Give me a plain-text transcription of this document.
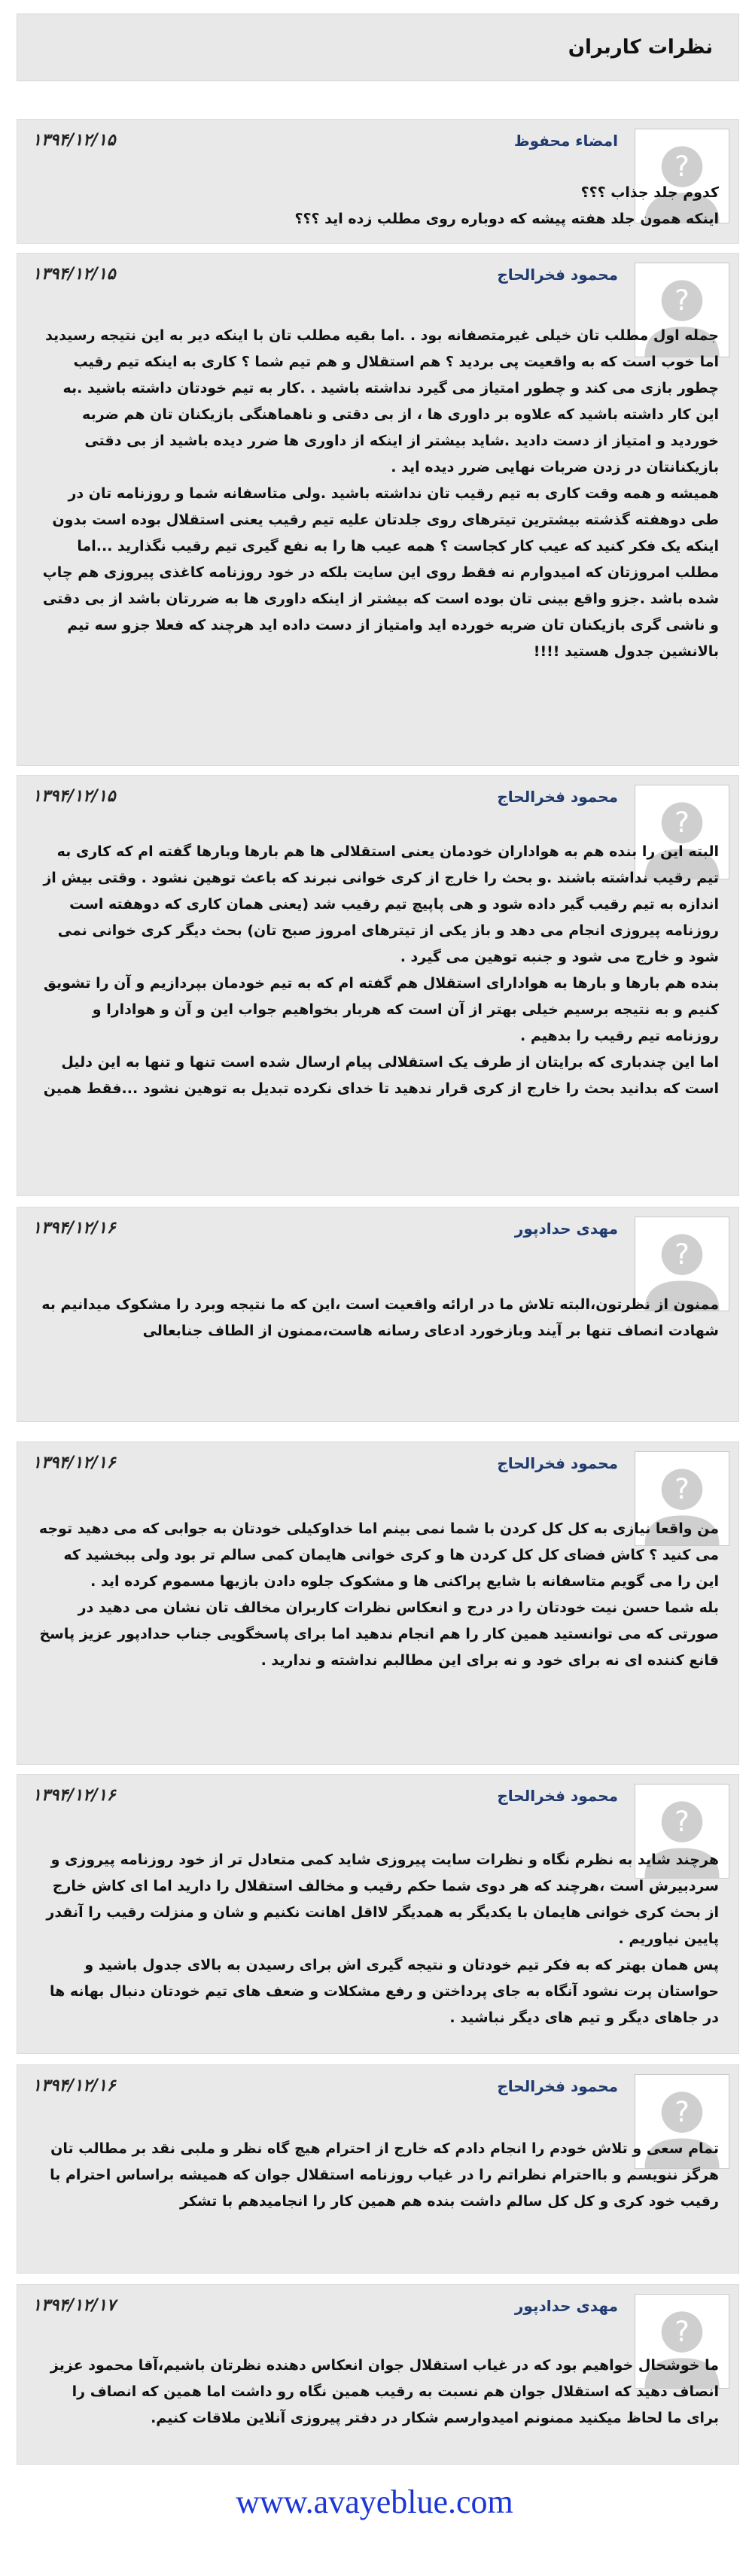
نظرات کاربران
?
امضاء محفوظ
۱۳۹۴/۱۲/۱۵
کدوم جلد جذاب ؟؟؟
اینکه همون جلد هفته پیشه که دوباره روی مطلب زده اید ؟؟؟
?
محمود فخرالحاج
۱۳۹۴/۱۲/۱۵
جمله اول مطلب تان خیلی غیرمتصفانه بود . .اما بقیه مطلب تان با اینکه دیر به این نتیجه رسیدید اما خوب است که به واقعیت پی بردید ؟ هم استقلال و هم تیم شما ؟ کاری به اینکه تیم رقیب چطور بازی می کند و چطور امتیاز می گیرد نداشته باشید . .کار به تیم خودتان داشته باشید .به این کار داشته باشید که علاوه بر داوری ها ، از بی دقتی و ناهماهنگی بازیکنان تان هم ضربه خوردید و امتیاز از دست دادید .شاید بیشتر از اینکه از داوری ها ضرر دیده باشید از بی دقتی بازیکنانتان در زدن ضربات نهایی ضرر دیده اید .
همیشه و همه وقت کاری به تیم رقیب تان نداشته باشید .ولی متاسفانه شما و روزنامه تان در طی دوهفته گذشته بیشترین تیترهای روی جلدتان علیه تیم رقیب یعنی استقلال بوده است بدون اینکه یک فکر کنید که عیب کار کجاست ؟ همه عیب ها را به نفع گیری تیم رقیب نگذارید ...اما مطلب امروزتان که امیدوارم نه فقط روی این سایت بلکه در خود روزنامه کاغذی پیروزی هم چاپ شده باشد .جزو واقع بینی تان بوده است که بیشتر از اینکه داوری ها به ضررتان باشد از بی دقتی و ناشی گری بازیکنان تان ضربه خورده اید وامتیاز از دست داده اید هرچند که فعلا جزو سه تیم بالانشین جدول هستید !!!!
?
محمود فخرالحاج
۱۳۹۴/۱۲/۱۵
البته این را بنده هم به هواداران خودمان یعنی استقلالی ها هم بارها وبارها گفته ام که کاری به تیم رقیب نداشته باشند .و بحث را خارج از کری خوانی نبرند که باعث توهین نشود . وقتی بیش از اندازه به تیم رقیب گیر داده شود و هی پاپیچ تیم رقیب شد (یعنی همان کاری که دوهفته است روزنامه پیروزی انجام می دهد و باز یکی از تیترهای امروز صبح تان) بحث دیگر کری خوانی نمی شود و خارج می شود و جنبه توهین می گیرد .
بنده هم بارها و بارها به هوادارای استقلال هم گفته ام که به تیم خودمان بپردازیم و آن را تشویق کنیم و به نتیجه برسیم خیلی بهتر از آن است که هربار بخواهیم جواب این و آن و هوادارا و روزنامه تیم رقیب را بدهیم .
اما این چندباری که برایتان از طرف یک استقلالی پیام ارسال شده است تنها و تنها به این دلیل است که بدانید بحث را خارج از کری قرار ندهید تا خدای نکرده تبدیل به توهین نشود ...فقط همین
?
مهدی حدادپور
۱۳۹۴/۱۲/۱۶
ممنون از نظرتون،البته تلاش ما در ارائه واقعیت است ،این که ما نتیجه وبرد را مشکوک میدانیم به شهادت انصاف تنها بر آیند وبازخورد ادعای رسانه هاست،ممنون از الطاف جنابعالی
?
محمود فخرالحاج
۱۳۹۴/۱۲/۱۶
من واقعا نیازی به کل کل کردن با شما نمی بینم اما خداوکیلی خودتان به جوابی که می دهید توجه می کنید ؟ کاش فضای کل کل کردن ها و کری خوانی هایمان کمی سالم تر بود ولی ببخشید که این را می گویم متاسفانه با شایع پراکنی ها و مشکوک جلوه دادن بازیها مسموم کرده اید .
بله شما حسن نیت خودتان را در درج و انعکاس نظرات کاربران مخالف تان نشان می دهید در صورتی که می توانستید همین کار را هم انجام ندهید اما برای پاسخگویی جناب حدادپور عزیز پاسخ قانع کننده ای نه برای خود و نه برای این مطالبم نداشته و ندارید .
?
محمود فخرالحاج
۱۳۹۴/۱۲/۱۶
هرچند شاید به نظرم نگاه و نظرات سایت پیروزی شاید کمی متعادل تر از خود روزنامه پیروزی و سردبیرش است ،هرچند که هر دوی شما حکم رقیب و مخالف استقلال را دارید اما ای کاش خارج از بحث کری خوانی هایمان با یکدیگر به همدیگر لااقل اهانت نکنیم و شان و منزلت رقیب را آنقدر پایین نیاوریم .
پس همان بهتر که به فکر تیم خودتان و نتیجه گیری اش برای رسیدن به بالای جدول باشید و حواستان پرت نشود آنگاه به جای پرداختن و رفع مشکلات و ضعف های تیم خودتان دنبال بهانه ها در جاهای دیگر و تیم های دیگر نباشید .
?
محمود فخرالحاج
۱۳۹۴/۱۲/۱۶
تمام سعی و تلاش خودم را انجام دادم که خارج از احترام هیچ گاه نظر و ملبی نقد بر مطالب تان هرگز ننویسم و بااحترام نظراتم را در غیاب روزنامه استقلال جوان که همیشه براساس احترام با رقیب خود کری و کل کل سالم داشت بنده هم همین کار را انجامیدهم با تشکر
?
مهدی حدادپور
۱۳۹۴/۱۲/۱۷
ما خوشحال خواهیم بود که در غیاب استقلال جوان انعکاس دهنده نظرتان باشیم،آقا محمود عزیز انصاف دهید که استقلال جوان هم نسبت به رقیب همین نگاه رو داشت اما همین که انصاف را برای ما لحاظ میکنید ممنونم امیدوارسم شکار در دفتر پیروزی آنلاین ملاقات کنیم.
www.avayeblue.com
